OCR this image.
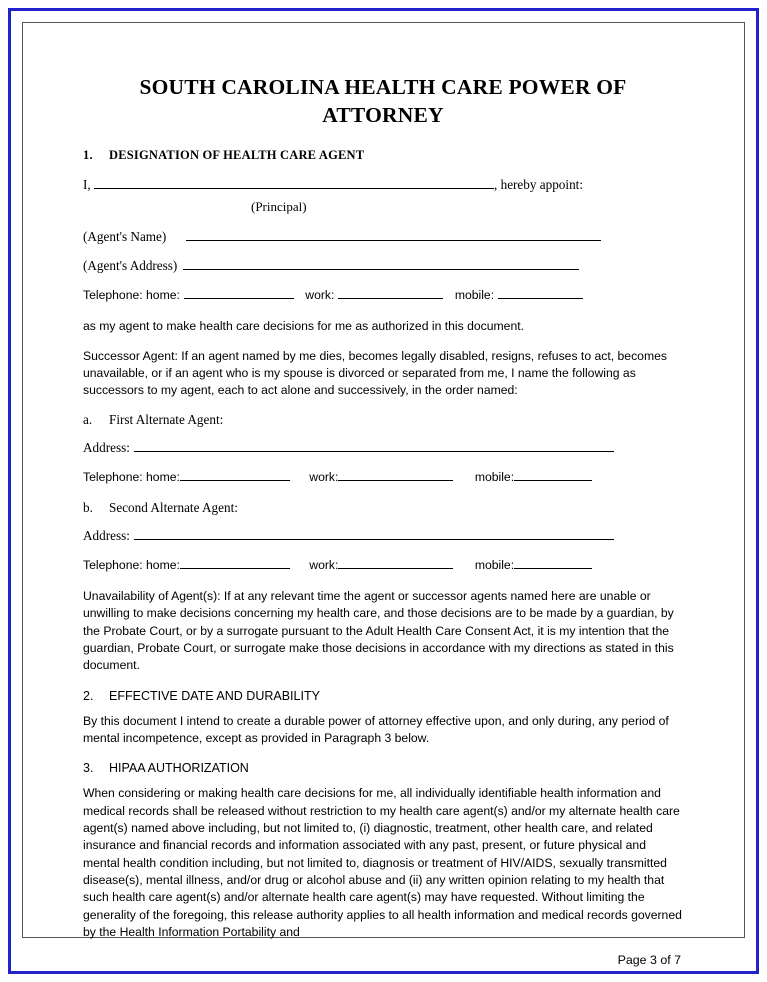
SOUTH CAROLINA HEALTH CARE POWER OF ATTORNEY
1. DESIGNATION OF HEALTH CARE AGENT
I,	, hereby appoint:
(Principal)
(Agent's Name)
(Agent's Address)
Telephone: home:	work:	mobile:

as my agent to make health care decisions for me as authorized in this document.

Successor Agent: If an agent named by me dies, becomes legally disabled, resigns, refuses to act, becomes unavailable, or if an agent who is my spouse is divorced or separated from me, I name the following as successors to my agent, each to act alone and successively, in the order named:

a. First Alternate Agent:
Address:
Telephone: home:	work:	mobile:
b. Second Alternate Agent:
Address:
Telephone: home:	work:	mobile:

Unavailability of Agent(s): If at any relevant time the agent or successor agents named here are unable or unwilling to make decisions concerning my health care, and those decisions are to be made by a guardian, by the Probate Court, or by a surrogate pursuant to the Adult Health Care Consent Act, it is my intention that the guardian, Probate Court, or surrogate make those decisions in accordance with my directions as stated in this document.

2. EFFECTIVE DATE AND DURABILITY

By this document I intend to create a durable power of attorney effective upon, and only during, any period of mental incompetence, except as provided in Paragraph 3 below.

3. HIPAA AUTHORIZATION

When considering or making health care decisions for me, all individually identifiable health information and medical records shall be released without restriction to my health care agent(s) and/or my alternate health care agent(s) named above including, but not limited to, (i) diagnostic, treatment, other health care, and related insurance and financial records and information associated with any past, present, or future physical and mental health condition including, but not limited to, diagnosis or treatment of HIV/AIDS, sexually transmitted disease(s), mental illness, and/or drug or alcohol abuse and (ii) any written opinion relating to my health that such health care agent(s) and/or alternate health care agent(s) may have requested. Without limiting the generality of the foregoing, this release authority applies to all health information and medical records governed by the Health Information Portability and

Page 3 of 7
